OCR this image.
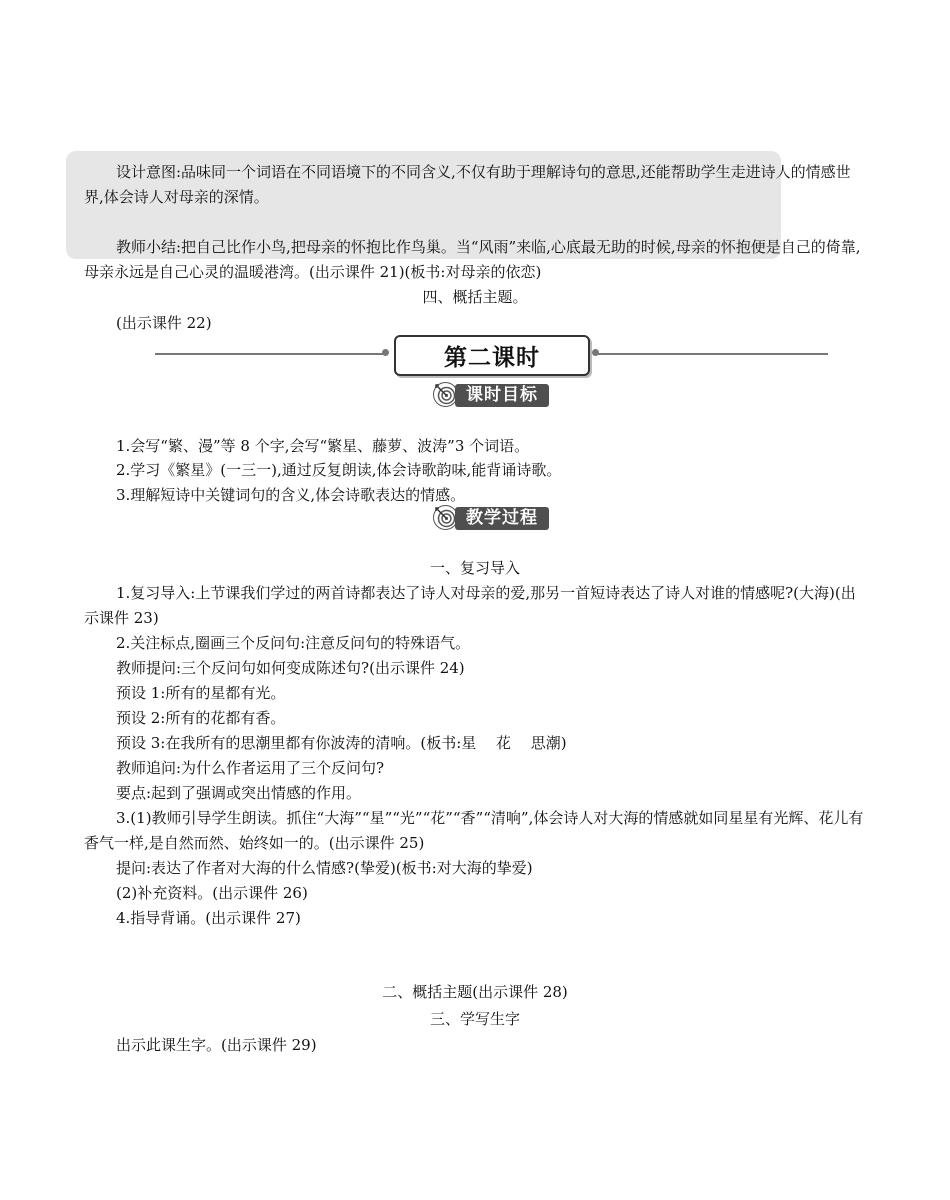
设计意图:品味同一个词语在不同语境下的不同含义,不仅有助于理解诗句的意思,还能帮助学生走进诗人的情感世界,体会诗人对母亲的深情。
教师小结:把自己比作小鸟,把母亲的怀抱比作鸟巢。当“风雨”来临,心底最无助的时候,母亲的怀抱便是自己的倚靠,母亲永远是自己心灵的温暖港湾。(出示课件 21)(板书:对母亲的依恋)
四、概括主题。
(出示课件 22)
第二课时
课时目标
1.会写“繁、漫”等 8 个字,会写“繁星、藤萝、波涛”3 个词语。
2.学习《繁星》(一三一),通过反复朗读,体会诗歌韵味,能背诵诗歌。
3.理解短诗中关键词句的含义,体会诗歌表达的情感。
教学过程
一、复习导入
1.复习导入:上节课我们学过的两首诗都表达了诗人对母亲的爱,那另一首短诗表达了诗人对谁的情感呢?(大海)(出示课件 23)
2.关注标点,圈画三个反问句:注意反问句的特殊语气。
教师提问:三个反问句如何变成陈述句?(出示课件 24)
预设 1:所有的星都有光。
预设 2:所有的花都有香。
预设 3:在我所有的思潮里都有你波涛的清响。(板书:星　 花　 思潮)
教师追问:为什么作者运用了三个反问句?
要点:起到了强调或突出情感的作用。
3.(1)教师引导学生朗读。抓住“大海”“星”“光”“花”“香”“清响”,体会诗人对大海的情感就如同星星有光辉、花儿有香气一样,是自然而然、始终如一的。(出示课件 25)
提问:表达了作者对大海的什么情感?(挚爱)(板书:对大海的挚爱)
(2)补充资料。(出示课件 26)
4.指导背诵。(出示课件 27)
二、概括主题(出示课件 28)
三、学写生字
出示此课生字。(出示课件 29)
